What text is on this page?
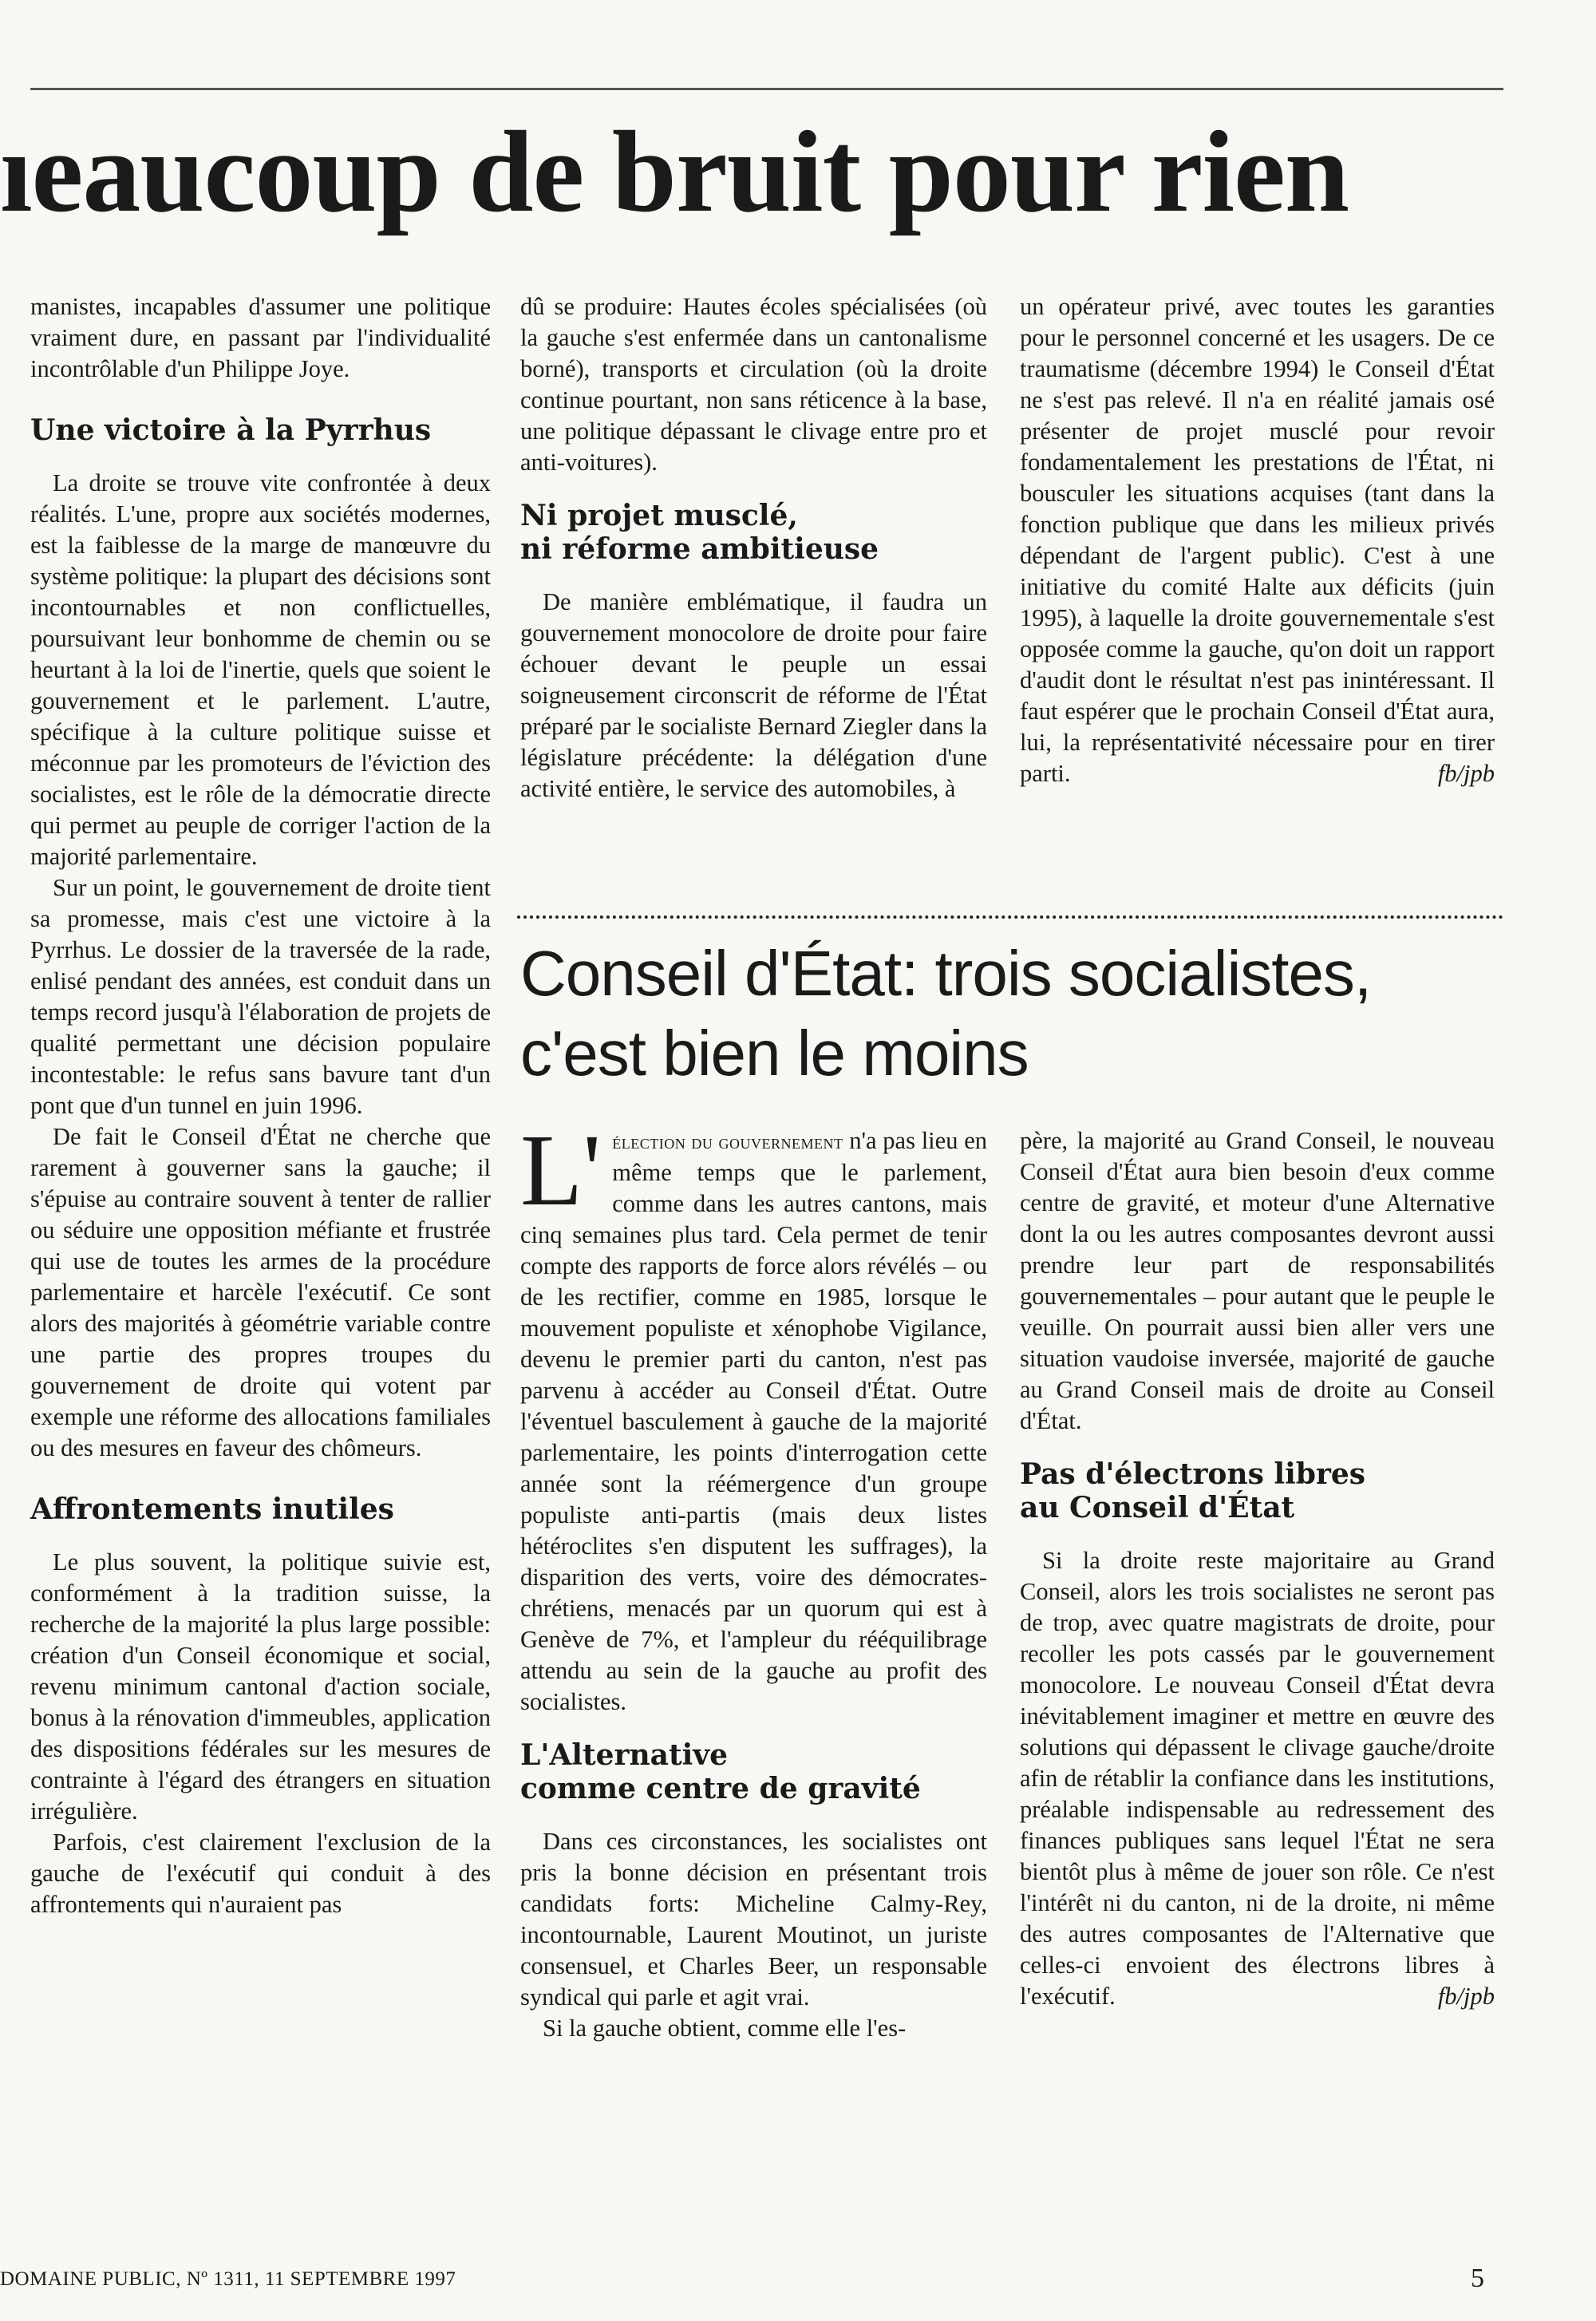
ıeaucoup de bruit pour rien

manistes, incapables d'assumer une politique vraiment dure, en passant par l'individualité incontrôlable d'un Philippe Joye.

Une victoire à la Pyrrhus

La droite se trouve vite confrontée à deux réalités. L'une, propre aux sociétés modernes, est la faiblesse de la marge de manœuvre du système politique: la plupart des décisions sont incontournables et non conflictuelles, poursuivant leur bonhomme de chemin ou se heurtant à la loi de l'inertie, quels que soient le gouvernement et le parlement. L'autre, spécifique à la culture politique suisse et méconnue par les promoteurs de l'éviction des socialistes, est le rôle de la démocratie directe qui permet au peuple de corriger l'action de la majorité parlementaire.

Sur un point, le gouvernement de droite tient sa promesse, mais c'est une victoire à la Pyrrhus. Le dossier de la traversée de la rade, enlisé pendant des années, est conduit dans un temps record jusqu'à l'élaboration de projets de qualité permettant une décision populaire incontestable: le refus sans bavure tant d'un pont que d'un tunnel en juin 1996.

De fait le Conseil d'État ne cherche que rarement à gouverner sans la gauche; il s'épuise au contraire souvent à tenter de rallier ou séduire une opposition méfiante et frustrée qui use de toutes les armes de la procédure parlementaire et harcèle l'exécutif. Ce sont alors des majorités à géométrie variable contre une partie des propres troupes du gouvernement de droite qui votent par exemple une réforme des allocations familiales ou des mesures en faveur des chômeurs.

Affrontements inutiles

Le plus souvent, la politique suivie est, conformément à la tradition suisse, la recherche de la majorité la plus large possible: création d'un Conseil économique et social, revenu minimum cantonal d'action sociale, bonus à la rénovation d'immeubles, application des dispositions fédérales sur les mesures de contrainte à l'égard des étrangers en situation irrégulière.

Parfois, c'est clairement l'exclusion de la gauche de l'exécutif qui conduit à des affrontements qui n'auraient pas

dû se produire: Hautes écoles spécialisées (où la gauche s'est enfermée dans un cantonalisme borné), transports et circulation (où la droite continue pourtant, non sans réticence à la base, une politique dépassant le clivage entre pro et anti-voitures).

Ni projet musclé,
ni réforme ambitieuse

De manière emblématique, il faudra un gouvernement monocolore de droite pour faire échouer devant le peuple un essai soigneusement circonscrit de réforme de l'État préparé par le socialiste Bernard Ziegler dans la législature précédente: la délégation d'une activité entière, le service des automobiles, à

un opérateur privé, avec toutes les garanties pour le personnel concerné et les usagers. De ce traumatisme (décembre 1994) le Conseil d'État ne s'est pas relevé. Il n'a en réalité jamais osé présenter de projet musclé pour revoir fondamentalement les prestations de l'État, ni bousculer les situations acquises (tant dans la fonction publique que dans les milieux privés dépendant de l'argent public). C'est à une initiative du comité Halte aux déficits (juin 1995), à laquelle la droite gouvernementale s'est opposée comme la gauche, qu'on doit un rapport d'audit dont le résultat n'est pas inintéressant. Il faut espérer que le prochain Conseil d'État aura, lui, la représentativité nécessaire pour en tirer parti.	fb/jpb

Conseil d'État: trois socialistes,
c'est bien le moins

L' élection du gouvernement n'a pas lieu en même temps que le parlement, comme dans les autres cantons, mais cinq semaines plus tard. Cela permet de tenir compte des rapports de force alors révélés – ou de les rectifier, comme en 1985, lorsque le mouvement populiste et xénophobe Vigilance, devenu le premier parti du canton, n'est pas parvenu à accéder au Conseil d'État. Outre l'éventuel basculement à gauche de la majorité parlementaire, les points d'interrogation cette année sont la réémergence d'un groupe populiste anti-partis (mais deux listes hétéroclites s'en disputent les suffrages), la disparition des verts, voire des démocrates-chrétiens, menacés par un quorum qui est à Genève de 7%, et l'ampleur du rééquilibrage attendu au sein de la gauche au profit des socialistes.

L'Alternative
comme centre de gravité

Dans ces circonstances, les socialistes ont pris la bonne décision en présentant trois candidats forts: Micheline Calmy-Rey, incontournable, Laurent Moutinot, un juriste consensuel, et Charles Beer, un responsable syndical qui parle et agit vrai.

Si la gauche obtient, comme elle l'es-

père, la majorité au Grand Conseil, le nouveau Conseil d'État aura bien besoin d'eux comme centre de gravité, et moteur d'une Alternative dont la ou les autres composantes devront aussi prendre leur part de responsabilités gouvernementales – pour autant que le peuple le veuille. On pourrait aussi bien aller vers une situation vaudoise inversée, majorité de gauche au Grand Conseil mais de droite au Conseil d'État.

Pas d'électrons libres
au Conseil d'État

Si la droite reste majoritaire au Grand Conseil, alors les trois socialistes ne seront pas de trop, avec quatre magistrats de droite, pour recoller les pots cassés par le gouvernement monocolore. Le nouveau Conseil d'État devra inévitablement imaginer et mettre en œuvre des solutions qui dépassent le clivage gauche/droite afin de rétablir la confiance dans les institutions, préalable indispensable au redressement des finances publiques sans lequel l'État ne sera bientôt plus à même de jouer son rôle. Ce n'est l'intérêt ni du canton, ni de la droite, ni même des autres composantes de l'Alternative que celles-ci envoient des électrons libres à l'exécutif.	fb/jpb

DOMAINE PUBLIC, Nº 1311, 11 SEPTEMBRE 1997	5
